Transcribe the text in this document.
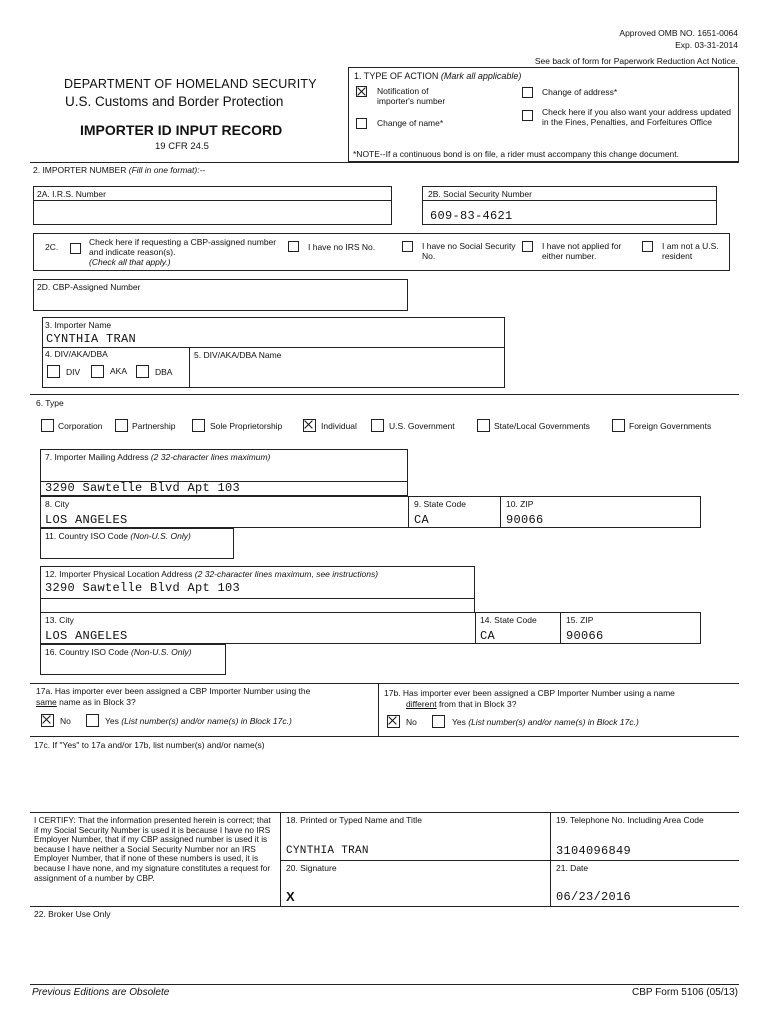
Approved OMB NO. 1651-0064
Exp. 03-31-2014
See back of form for Paperwork Reduction Act Notice.
DEPARTMENT OF HOMELAND SECURITY
U.S. Customs and Border Protection
IMPORTER ID INPUT RECORD
19 CFR 24.5
1. TYPE OF ACTION (Mark all applicable)
Notification of importer's number
Change of address*
Change of name*
Check here if you also want your address updated in the Fines, Penalties, and Forfeitures Office
*NOTE--If a continuous bond is on file, a rider must accompany this change document.
2. IMPORTER NUMBER (Fill in one format):--
2A. I.R.S. Number	2B. Social Security Number
609-83-4621
2C.	Check here if requesting a CBP-assigned number and indicate reason(s).
(Check all that apply.)
I have no IRS No.	I have no Social Security No.
I have not applied for either number.
I am not a U.S. resident
2D. CBP-Assigned Number
3. Importer Name
CYNTHIA TRAN
4. DIV/AKA/DBA
DIV	AKA	DBA
5. DIV/AKA/DBA Name
6. Type
Corporation	Partnership	Sole Proprietorship	Individual	U.S. Government	State/Local Governments	Foreign Governments
7. Importer Mailing Address (2 32-character lines maximum)
3290 Sawtelle Blvd Apt 103
8. City
LOS ANGELES
9. State Code
CA
10. ZIP
90066
11. Country ISO Code (Non-U.S. Only)
12. Importer Physical Location Address (2 32-character lines maximum, see instructions)
3290 Sawtelle Blvd Apt 103
13. City
LOS ANGELES
14. State Code
CA
15. ZIP
90066
16. Country ISO Code (Non-U.S. Only)
17a. Has importer ever been assigned a CBP Importer Number using the
same name as in Block 3?
No	Yes (List number(s) and/or name(s) in Block 17c.)
17b. Has importer ever been assigned a CBP Importer Number using a name
different from that in Block 3?
No	Yes (List number(s) and/or name(s) in Block 17c.)
17c. If "Yes" to 17a and/or 17b, list number(s) and/or name(s)
I CERTIFY: That the information presented herein is correct; that if my Social Security Number is used it is because I have no IRS Employer Number, that if my CBP assigned number is used it is because I have neither a Social Security Number nor an IRS Employer Number, that if none of these numbers is used, it is because I have none, and my signature constitutes a request for assignment of a number by CBP.
18. Printed or Typed Name and Title
CYNTHIA TRAN
19. Telephone No. Including Area Code
3104096849
20. Signature
X
21. Date
06/23/2016
22. Broker Use Only
Previous Editions are Obsolete	CBP Form 5106 (05/13)
